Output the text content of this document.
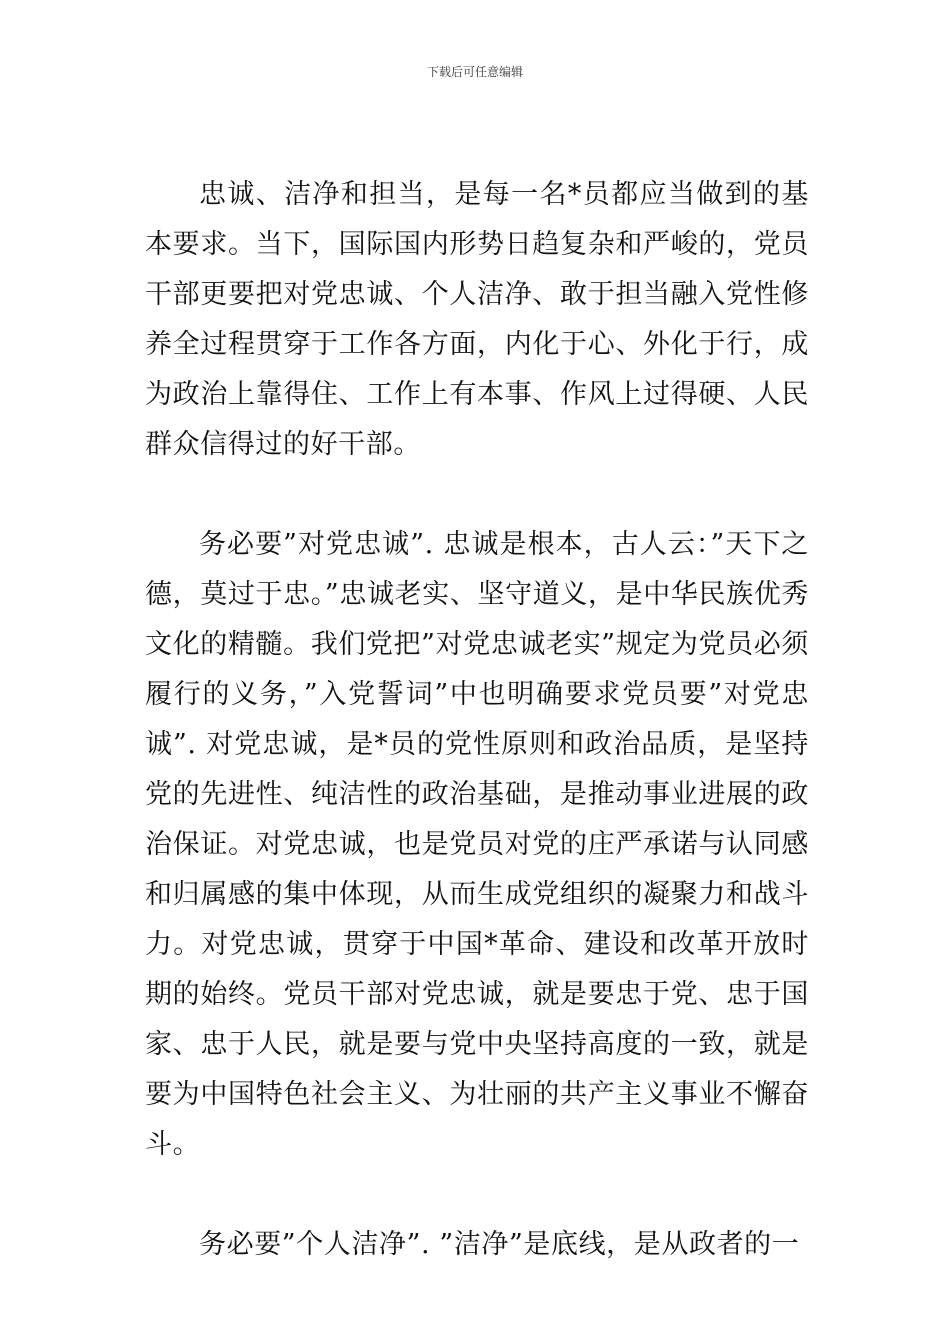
下载后可任意编辑

忠诚、洁净和担当，是每一名*员都应当做到的基本要求。当下，国际国内形势日趋复杂和严峻的，党员干部更要把对党忠诚、个人洁净、敢于担当融入党性修养全过程贯穿于工作各方面，内化于心、外化于行，成为政治上靠得住、工作上有本事、作风上过得硬、人民群众信得过的好干部。

务必要”对党忠诚”. 忠诚是根本，古人云：”天下之德，莫过于忠。”忠诚老实、坚守道义，是中华民族优秀文化的精髓。我们党把”对党忠诚老实”规定为党员必须履行的义务，”入党誓词”中也明确要求党员要”对党忠诚”. 对党忠诚，是*员的党性原则和政治品质，是坚持党的先进性、纯洁性的政治基础，是推动事业进展的政治保证。对党忠诚，也是党员对党的庄严承诺与认同感和归属感的集中体现，从而生成党组织的凝聚力和战斗力。对党忠诚，贯穿于中国*革命、建设和改革开放时期的始终。党员干部对党忠诚，就是要忠于党、忠于国家、忠于人民，就是要与党中央坚持高度的一致，就是要为中国特色社会主义、为壮丽的共产主义事业不懈奋斗。

务必要”个人洁净”. ”洁净”是底线，是从政者的一
